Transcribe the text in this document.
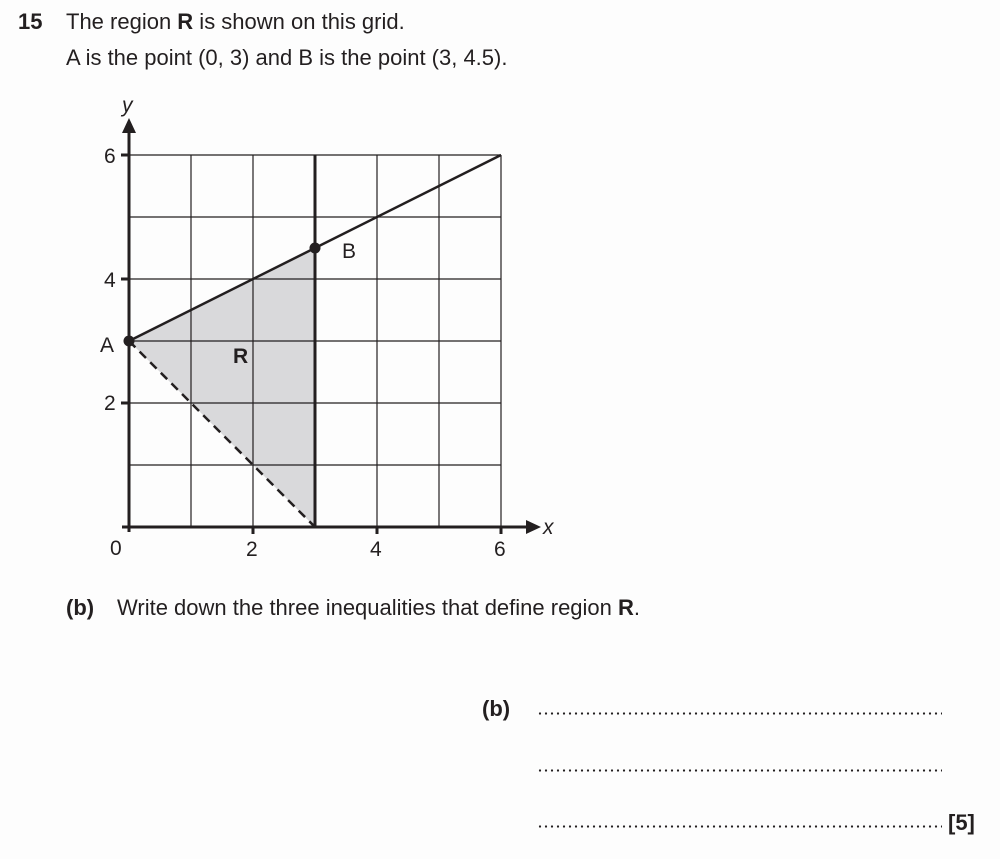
15 The region R is shown on this grid.
A is the point (0, 3) and B is the point (3, 4.5).
y
x
0	2	4	6
2
4
6
A
B
R
(b) Write down the three inequalities that define region R.
(b)
[5]
